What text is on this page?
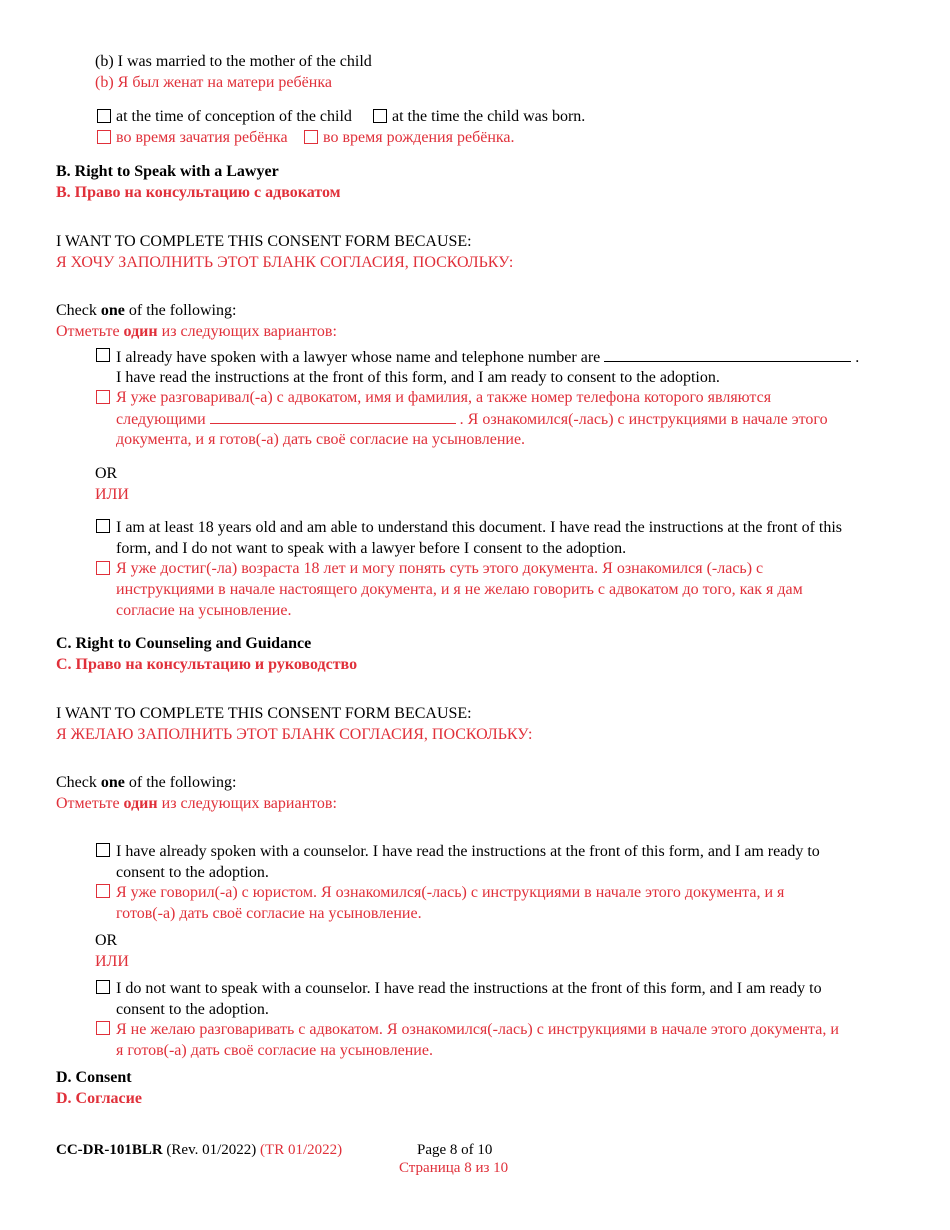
(b) I was married to the mother of the child
(b) Я был женат на матери ребёнка
at the time of conception of the child	at the time the child was born.
во время зачатия ребёнка во время рождения ребёнка.
B. Right to Speak with a Lawyer
В. Право на консультацию с адвокатом
I WANT TO COMPLETE THIS CONSENT FORM BECAUSE:
Я ХОЧУ ЗАПОЛНИТЬ ЭТОТ БЛАНК СОГЛАСИЯ, ПОСКОЛЬКУ:
Check one of the following:
Отметьте один из следующих вариантов:
I already have spoken with a lawyer whose name and telephone number are	.
I have read the instructions at the front of this form, and I am ready to consent to the adoption.
Я уже разговаривал(-а) с адвокатом, имя и фамилия, а также номер телефона которого являются
следующими	. Я ознакомился(-лась) с инструкциями в начале этого
документа, и я готов(-а) дать своё согласие на усыновление.
OR
ИЛИ
I am at least 18 years old and am able to understand this document. I have read the instructions at the front of this
form, and I do not want to speak with a lawyer before I consent to the adoption.
Я уже достиг(-ла) возраста 18 лет и могу понять суть этого документа. Я ознакомился (-лась) с
инструкциями в начале настоящего документа, и я не желаю говорить с адвокатом до того, как я дам
согласие на усыновление.
C. Right to Counseling and Guidance
С. Право на консультацию и руководство
I WANT TO COMPLETE THIS CONSENT FORM BECAUSE:
Я ЖЕЛАЮ ЗАПОЛНИТЬ ЭТОТ БЛАНК СОГЛАСИЯ, ПОСКОЛЬКУ:
Check one of the following:
Отметьте один из следующих вариантов:
I have already spoken with a counselor. I have read the instructions at the front of this form, and I am ready to
consent to the adoption.
Я уже говорил(-а) с юристом. Я ознакомился(-лась) с инструкциями в начале этого документа, и я
готов(-а) дать своё согласие на усыновление.
OR
ИЛИ
I do not want to speak with a counselor. I have read the instructions at the front of this form, and I am ready to
consent to the adoption.
Я не желаю разговаривать с адвокатом. Я ознакомился(-лась) с инструкциями в начале этого документа, и
я готов(-а) дать своё согласие на усыновление.
D. Consent
D. Согласие
CC-DR-101BLR (Rev. 01/2022) (TR 01/2022)	Page 8 of 10
Страница 8 из 10
